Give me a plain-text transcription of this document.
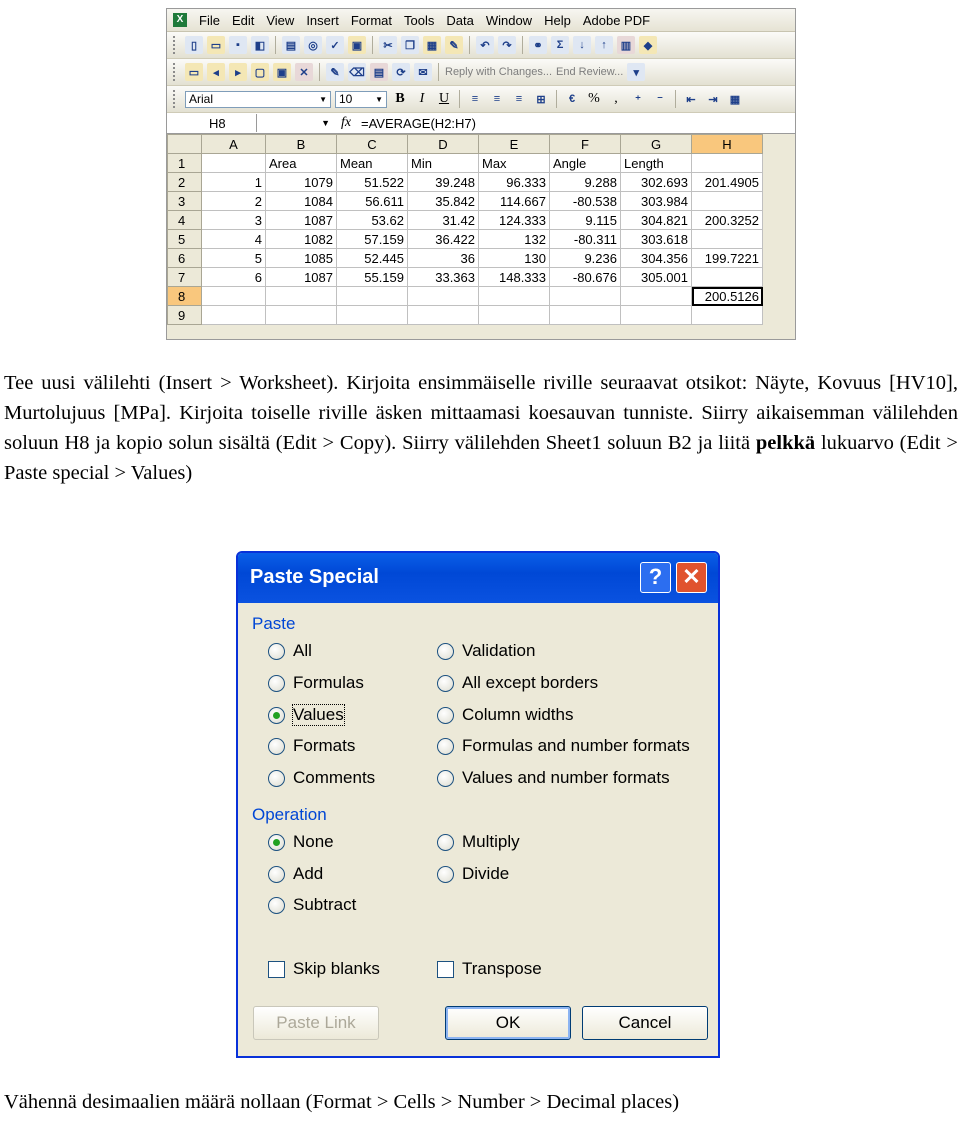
X	File Edit View Insert Format Tools Data Window Help Adobe PDF
▯	▭	▪	◧	▤	◎	✓	▣	✂	❐	▦	✎	↶	↷	⚭	Σ	↓	↑	▥	◆
▭	◂	▸	▢	▣	✕	✎ ⌫ ▤	⟳	✉	Reply with Changes... End Review... ▾
Arial	▼ 10	▼ B	I	U	≡	≡	≡	⊞	€ %	,	⁺	⁻	⇤	⇥	▦
H8	▼ fx =AVERAGE(H2:H7)
	A	B	C	D	E	F	G	H
1		Area	Mean	Min	Max	Angle	Length	
2	1	1079	51.522	39.248	96.333	9.288	302.693	201.4905
3	2	1084	56.611	35.842	114.667	-80.538	303.984	
4	3	1087	53.62	31.42	124.333	9.115	304.821	200.3252
5	4	1082	57.159	36.422	132	-80.311	303.618	
6	5	1085	52.445	36	130	9.236	304.356	199.7221
7	6	1087	55.159	33.363	148.333	-80.676	305.001	
8								200.5126
9								

Tee uusi välilehti (Insert > Worksheet). Kirjoita ensimmäiselle riville seuraavat otsikot: Näyte, Kovuus [HV10], Murtolujuus [MPa]. Kirjoita toiselle riville äsken mittaamasi koesauvan tunniste. Siirry aikaisemman välilehden soluun H8 ja kopio solun sisältä (Edit > Copy). Siirry välilehden Sheet1 soluun B2 ja liitä pelkkä lukuarvo (Edit > Paste special > Values)

Paste Special	? ✕
Paste
All
Formulas
Values
Formats
Comments
Validation
All except borders
Column widths
Formulas and number formats
Values and number formats
Operation
None
Add
Subtract
Multiply
Divide
Skip blanks	Transpose
Paste Link	OK	Cancel

Vähennä desimaalien määrä nollaan (Format > Cells > Number > Decimal places)
